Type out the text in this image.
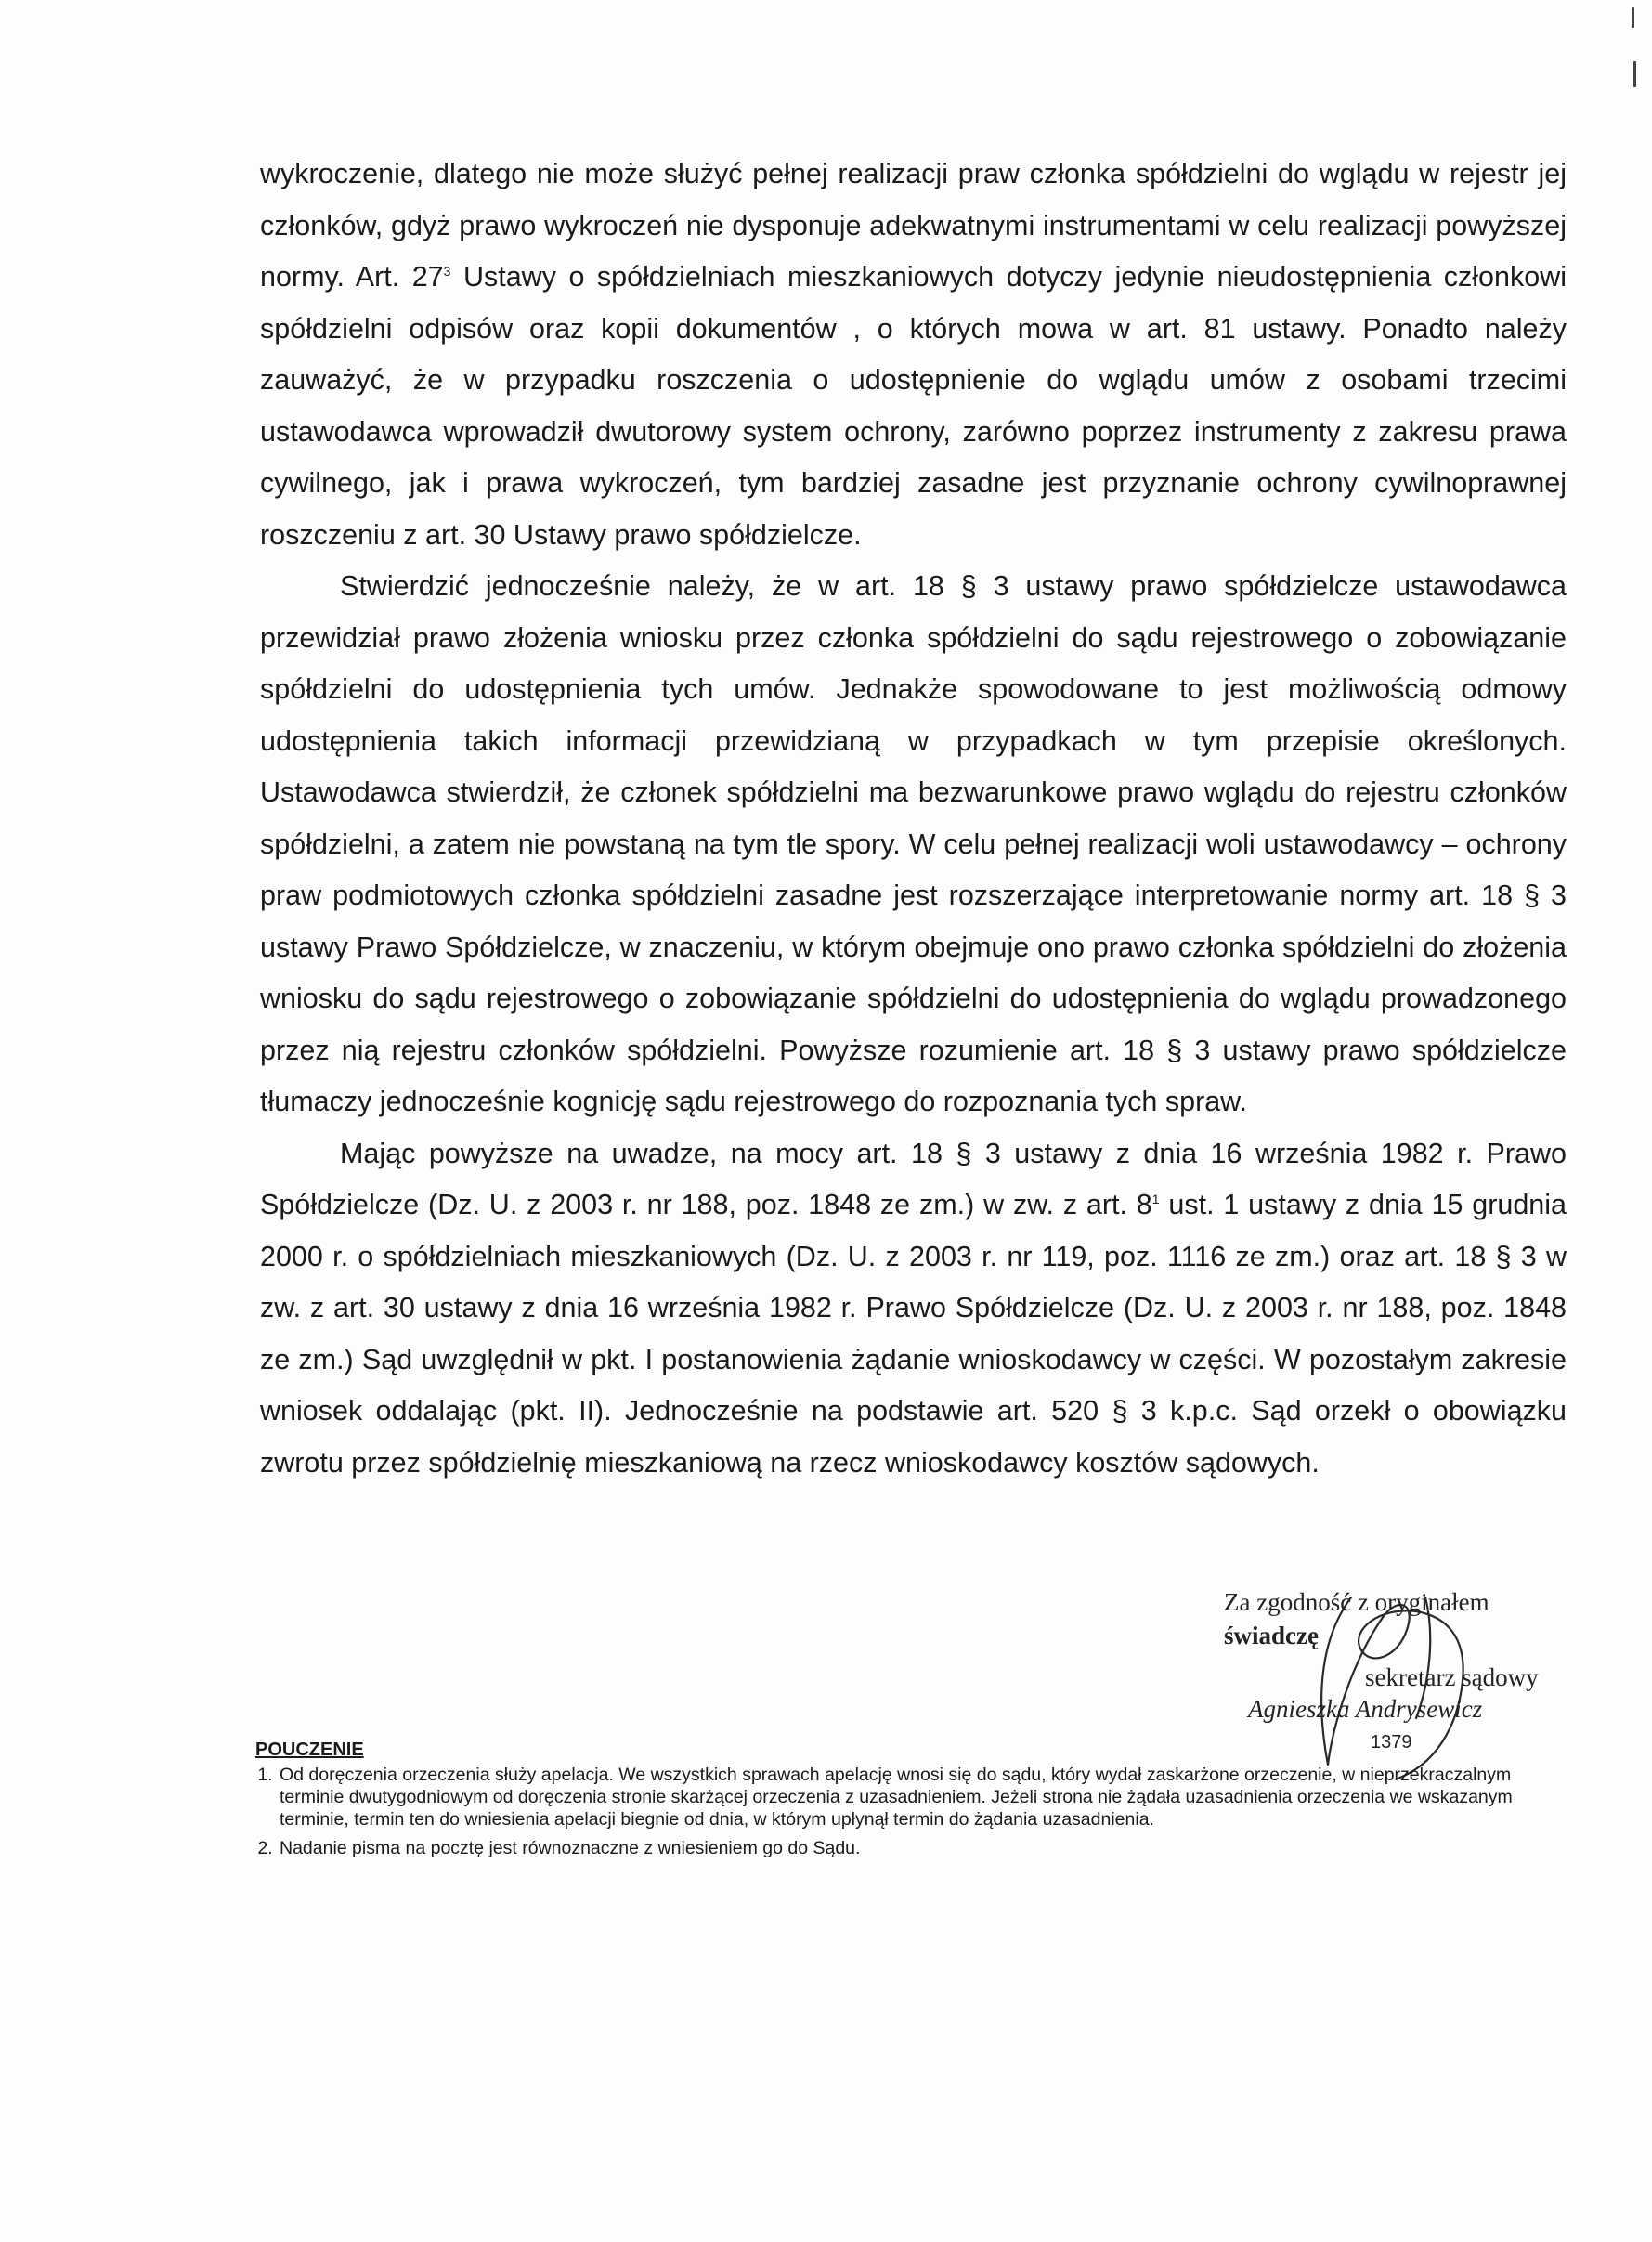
wykroczenie, dlatego nie może służyć pełnej realizacji praw członka spółdzielni do wglądu w rejestr jej członków, gdyż prawo wykroczeń nie dysponuje adekwatnymi instrumentami w celu realizacji powyższej normy. Art. $27^3$ Ustawy o spółdzielniach mieszkaniowych dotyczy jedynie nieudostępnienia członkowi spółdzielni odpisów oraz kopii dokumentów , o których mowa w art. 81 ustawy. Ponadto należy zauważyć, że w przypadku roszczenia o udostępnienie do wglądu umów z osobami trzecimi ustawodawca wprowadził dwutorowy system ochrony, zarówno poprzez instrumenty z zakresu prawa cywilnego, jak i prawa wykroczeń, tym bardziej zasadne jest przyznanie ochrony cywilnoprawnej roszczeniu z art. 30 Ustawy prawo spółdzielcze.

Stwierdzić jednocześnie należy, że w art. 18 § 3 ustawy prawo spółdzielcze ustawodawca przewidział prawo złożenia wniosku przez członka spółdzielni do sądu rejestrowego o zobowiązanie spółdzielni do udostępnienia tych umów. Jednakże spowodowane to jest możliwością odmowy udostępnienia takich informacji przewidzianą w przypadkach w tym przepisie określonych. Ustawodawca stwierdził, że członek spółdzielni ma bezwarunkowe prawo wglądu do rejestru członków spółdzielni, a zatem nie powstaną na tym tle spory. W celu pełnej realizacji woli ustawodawcy – ochrony praw podmiotowych członka spółdzielni zasadne jest rozszerzające interpretowanie normy art. 18 § 3 ustawy Prawo Spółdzielcze, w znaczeniu, w którym obejmuje ono prawo członka spółdzielni do złożenia wniosku do sądu rejestrowego o zobowiązanie spółdzielni do udostępnienia do wglądu prowadzonego przez nią rejestru członków spółdzielni. Powyższe rozumienie art. 18 § 3 ustawy prawo spółdzielcze tłumaczy jednocześnie kognicję sądu rejestrowego do rozpoznania tych spraw.

Mając powyższe na uwadze, na mocy art. 18 § 3 ustawy z dnia 16 września 1982 r. Prawo Spółdzielcze (Dz. U. z 2003 r. nr 188, poz. 1848 ze zm.) w zw. z art. $8^1$ ust. 1 ustawy z dnia 15 grudnia 2000 r. o spółdzielniach mieszkaniowych (Dz. U. z 2003 r. nr 119, poz. 1116 ze zm.) oraz art. 18 § 3 w zw. z art. 30 ustawy z dnia 16 września 1982 r. Prawo Spółdzielcze (Dz. U. z 2003 r. nr 188, poz. 1848 ze zm.) Sąd uwzględnił w pkt. I postanowienia żądanie wnioskodawcy w części. W pozostałym zakresie wniosek oddalając (pkt. II). Jednocześnie na podstawie art. 520 § 3 k.p.c. Sąd orzekł o obowiązku zwrotu przez spółdzielnię mieszkaniową na rzecz wnioskodawcy kosztów sądowych.

Za zgodność z oryginałem
świadczę
sekretarz sądowy
Agnieszka Andrysewicz
1379
POUCZENIE
1. Od doręczenia orzeczenia służy apelacja. We wszystkich sprawach apelację wnosi się do sądu, który wydał zaskarżone orzeczenie, w nieprzekraczalnym terminie dwutygodniowym od doręczenia stronie skarżącej orzeczenia z uzasadnieniem. Jeżeli strona nie żądała uzasadnienia orzeczenia we wskazanym terminie, termin ten do wniesienia apelacji biegnie od dnia, w którym upłynął termin do żądania uzasadnienia.
2. Nadanie pisma na pocztę jest równoznaczne z wniesieniem go do Sądu.
